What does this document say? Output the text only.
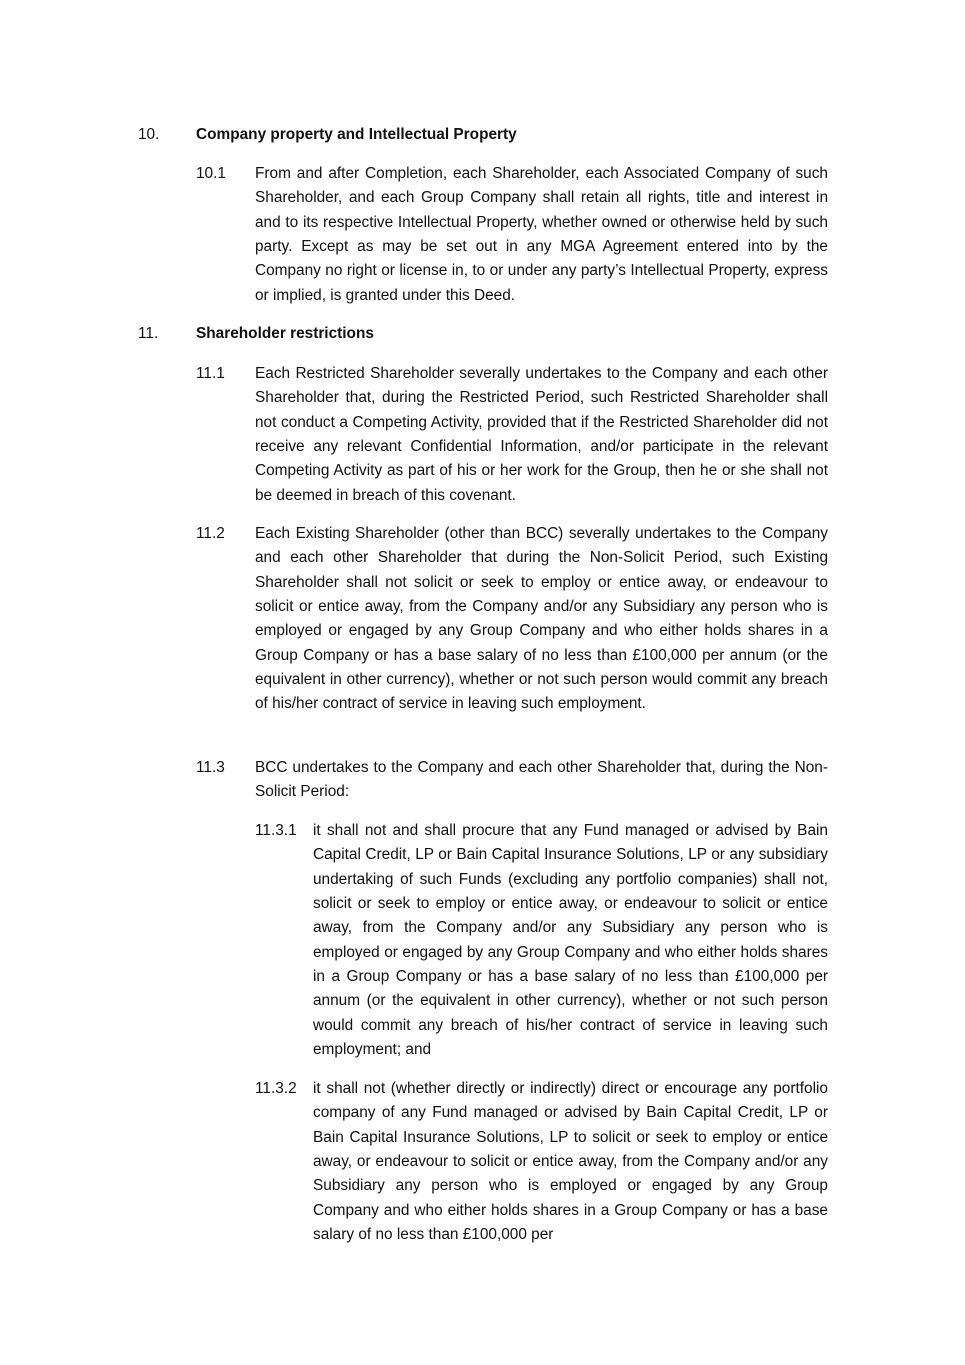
10. Company property and Intellectual Property
10.1 From and after Completion, each Shareholder, each Associated Company of such Shareholder, and each Group Company shall retain all rights, title and interest in and to its respective Intellectual Property, whether owned or otherwise held by such party. Except as may be set out in any MGA Agreement entered into by the Company no right or license in, to or under any party’s Intellectual Property, express or implied, is granted under this Deed.
11. Shareholder restrictions
11.1 Each Restricted Shareholder severally undertakes to the Company and each other Shareholder that, during the Restricted Period, such Restricted Shareholder shall not conduct a Competing Activity, provided that if the Restricted Shareholder did not receive any relevant Confidential Information, and/or participate in the relevant Competing Activity as part of his or her work for the Group, then he or she shall not be deemed in breach of this covenant.
11.2 Each Existing Shareholder (other than BCC) severally undertakes to the Company and each other Shareholder that during the Non-Solicit Period, such Existing Shareholder shall not solicit or seek to employ or entice away, or endeavour to solicit or entice away, from the Company and/or any Subsidiary any person who is employed or engaged by any Group Company and who either holds shares in a Group Company or has a base salary of no less than £100,000 per annum (or the equivalent in other currency), whether or not such person would commit any breach of his/her contract of service in leaving such employment.
11.3 BCC undertakes to the Company and each other Shareholder that, during the Non-Solicit Period:
11.3.1 it shall not and shall procure that any Fund managed or advised by Bain Capital Credit, LP or Bain Capital Insurance Solutions, LP or any subsidiary undertaking of such Funds (excluding any portfolio companies) shall not, solicit or seek to employ or entice away, or endeavour to solicit or entice away, from the Company and/or any Subsidiary any person who is employed or engaged by any Group Company and who either holds shares in a Group Company or has a base salary of no less than £100,000 per annum (or the equivalent in other currency), whether or not such person would commit any breach of his/her contract of service in leaving such employment; and
11.3.2 it shall not (whether directly or indirectly) direct or encourage any portfolio company of any Fund managed or advised by Bain Capital Credit, LP or Bain Capital Insurance Solutions, LP to solicit or seek to employ or entice away, or endeavour to solicit or entice away, from the Company and/or any Subsidiary any person who is employed or engaged by any Group Company and who either holds shares in a Group Company or has a base salary of no less than £100,000 per
